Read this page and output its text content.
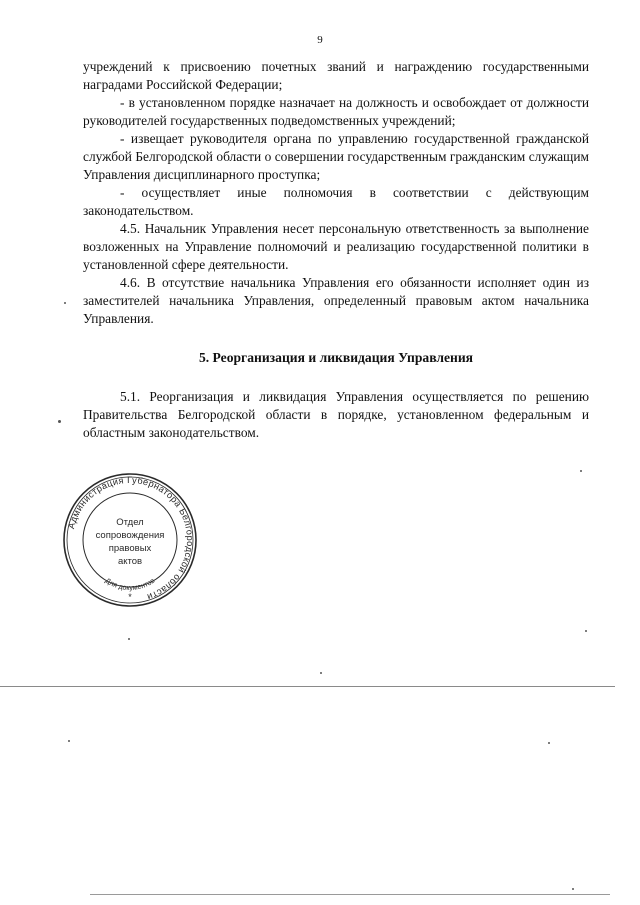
9

учреждений к присвоению почетных званий и награждению государственными наградами Российской Федерации;

- в установленном порядке назначает на должность и освобождает от должности руководителей государственных подведомственных учреждений;

- извещает руководителя органа по управлению государственной гражданской службой Белгородской области о совершении государственным гражданским служащим Управления дисциплинарного проступка;

- осуществляет иные полномочия в соответствии с действующим законодательством.

4.5. Начальник Управления несет персональную ответственность за выполнение возложенных на Управление полномочий и реализацию государственной политики в установленной сфере деятельности.

4.6. В отсутствие начальника Управления его обязанности исполняет один из заместителей начальника Управления, определенный правовым актом начальника Управления.

5. Реорганизация и ликвидация Управления

5.1. Реорганизация и ликвидация Управления осуществляется по решению Правительства Белгородской области в порядке, установленном федеральным и областным законодательством.

Администрация Губернатора Белгородской области
Для документов
Отдел
сопровождения
правовых
актов
*
